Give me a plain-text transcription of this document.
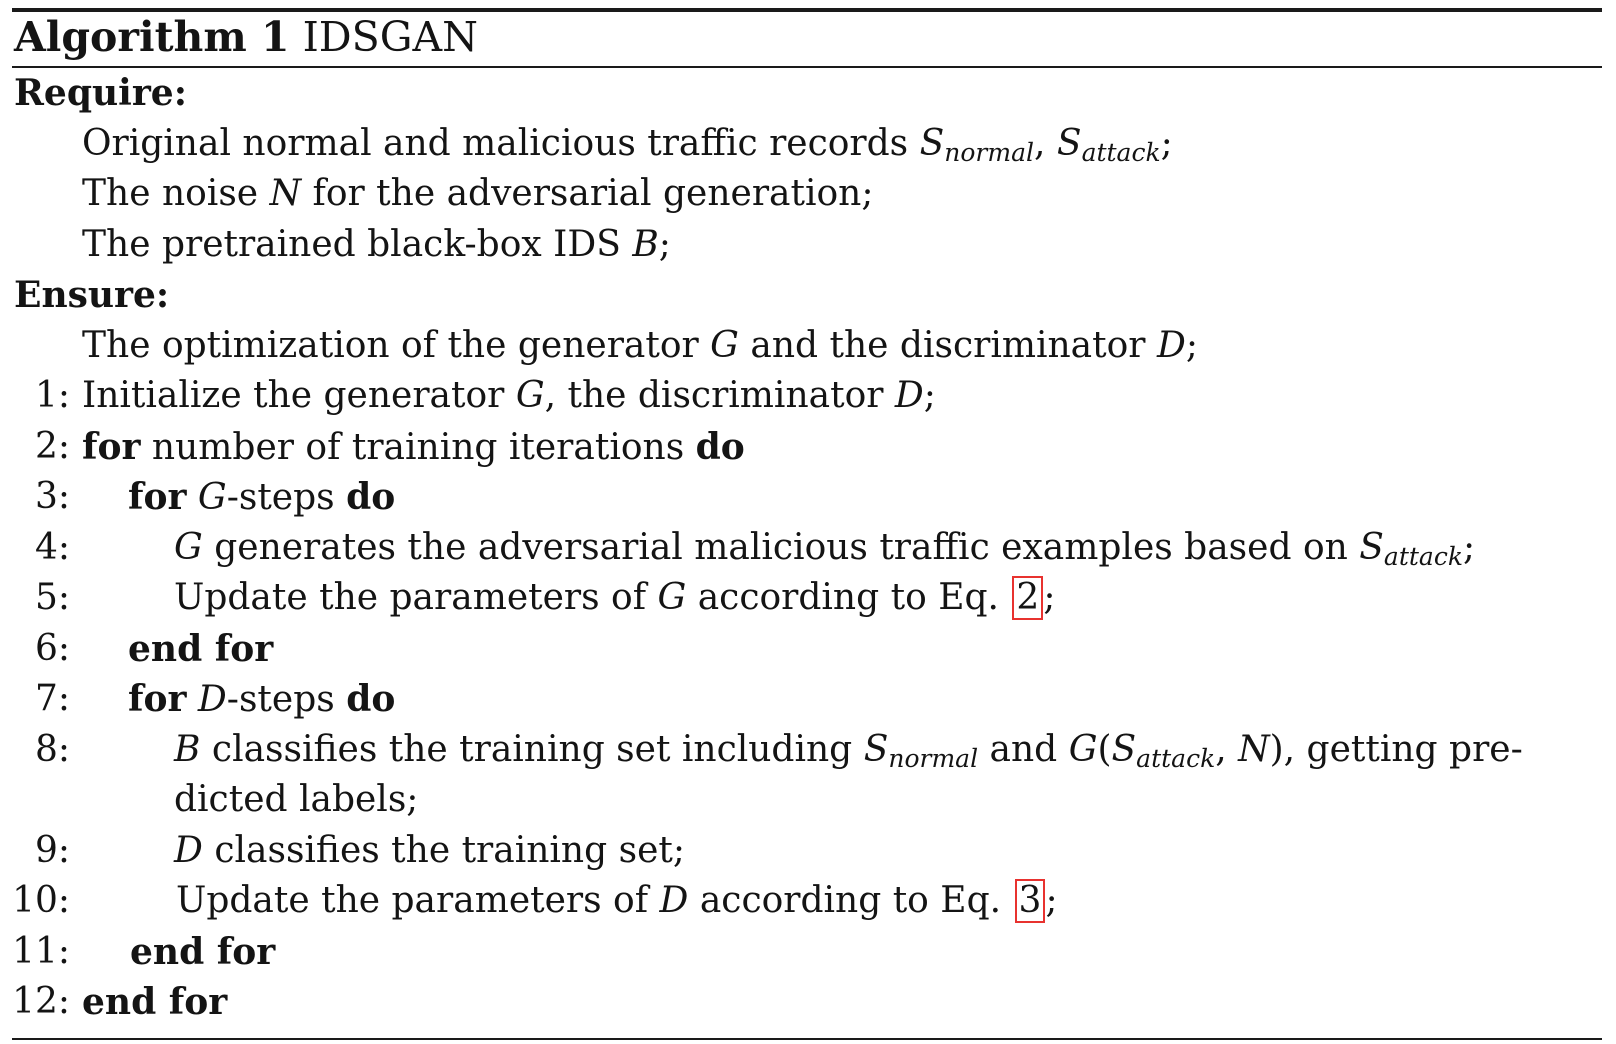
Algorithm 1 IDSGAN
Require:
Original normal and malicious traffic records $S_{normal}$, $S_{attack}$;
The noise N for the adversarial generation;
The pretrained black-box IDS B;
Ensure:
The optimization of the generator G and the discriminator D;
1: Initialize the generator G, the discriminator D;
2: for number of training iterations do
3: for G-steps do
4:	G generates the adversarial malicious traffic examples based on $S_{attack}$;
5:	Update the parameters of G according to Eq. 2 ;
6: end for
7: for D-steps do
8:	B classifies the training set including $S_{normal}$ and $G(S_{attack}$, N), getting pre-
dicted labels;
9:	D classifies the training set;
10:	Update the parameters of D according to Eq. 3 ;
11: end for
12: end for
